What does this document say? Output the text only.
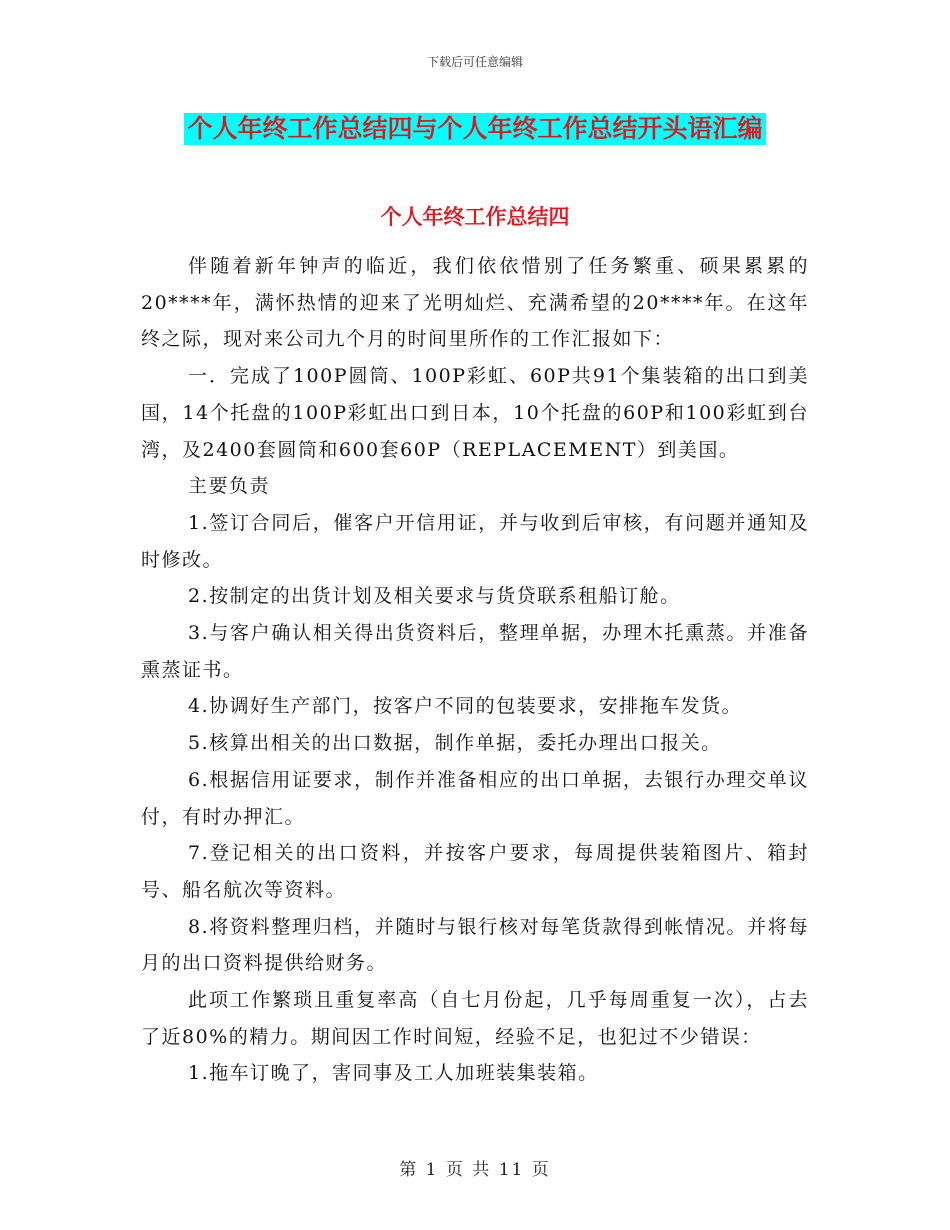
下载后可任意编辑
个人年终工作总结四与个人年终工作总结开头语汇编
个人年终工作总结四

伴随着新年钟声的临近，我们依依惜别了任务繁重、硕果累累的20****年，满怀热情的迎来了光明灿烂、充满希望的20****年。在这年终之际，现对来公司九个月的时间里所作的工作汇报如下：

一．完成了100P圆筒、100P彩虹、60P共91个集装箱的出口到美国，14个托盘的100P彩虹出口到日本，10个托盘的60P和100彩虹到台湾，及2400套圆筒和600套60P（REPLACEMENT）到美国。

主要负责

1.签订合同后，催客户开信用证，并与收到后审核，有问题并通知及时修改。

2.按制定的出货计划及相关要求与货贷联系租船订舱。

3.与客户确认相关得出货资料后，整理单据，办理木托熏蒸。并准备熏蒸证书。

4.协调好生产部门，按客户不同的包装要求，安排拖车发货。

5.核算出相关的出口数据，制作单据，委托办理出口报关。

6.根据信用证要求，制作并准备相应的出口单据，去银行办理交单议付，有时办押汇。

7.登记相关的出口资料，并按客户要求，每周提供装箱图片、箱封号、船名航次等资料。

8.将资料整理归档，并随时与银行核对每笔货款得到帐情况。并将每月的出口资料提供给财务。

此项工作繁琐且重复率高（自七月份起，几乎每周重复一次），占去了近80%的精力。期间因工作时间短，经验不足，也犯过不少错误：

1.拖车订晚了，害同事及工人加班装集装箱。

第 1 页 共 11 页
